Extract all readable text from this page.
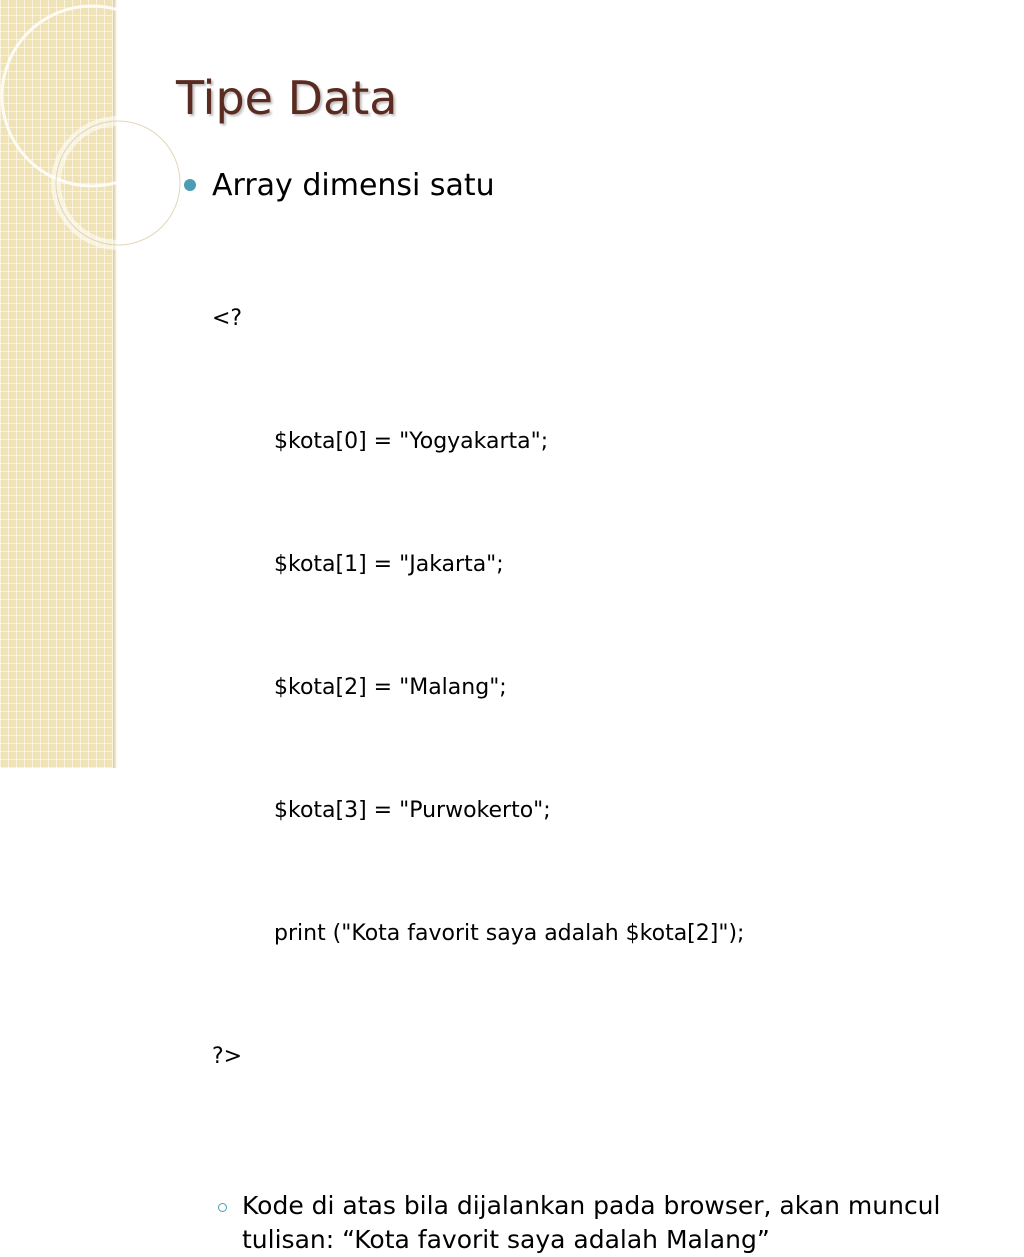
Tipe Data
Array dimensi satu

<?

$kota[0] = "Yogyakarta";

$kota[1] = "Jakarta";

$kota[2] = "Malang";

$kota[3] = "Purwokerto";

print ("Kota favorit saya adalah $kota[2]");

?>

Kode di atas bila dijalankan pada browser, akan muncul tulisan: “Kota favorit saya adalah Malang”
